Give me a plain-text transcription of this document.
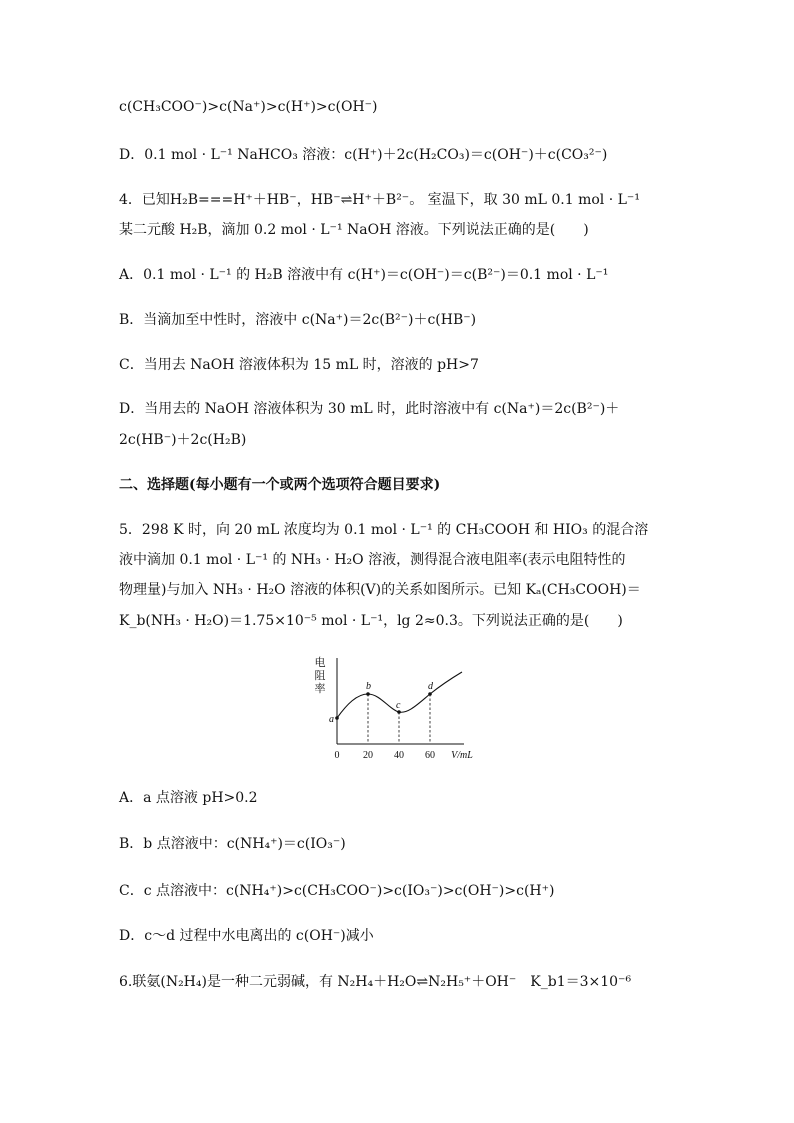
c(CH₃COO⁻)>c(Na⁺)>c(H⁺)>c(OH⁻)
D．0.1 mol · L⁻¹ NaHCO₃ 溶液：c(H⁺)＋2c(H₂CO₃)＝c(OH⁻)＋c(CO₃²⁻)
4．已知H₂B===H⁺＋HB⁻，HB⁻⇌H⁺＋B²⁻。 室温下，取 30 mL 0.1 mol · L⁻¹
某二元酸 H₂B，滴加 0.2 mol · L⁻¹ NaOH 溶液。下列说法正确的是(　　)
A．0.1 mol · L⁻¹ 的 H₂B 溶液中有 c(H⁺)＝c(OH⁻)＝c(B²⁻)＝0.1 mol · L⁻¹
B．当滴加至中性时，溶液中 c(Na⁺)＝2c(B²⁻)＋c(HB⁻)
C．当用去 NaOH 溶液体积为 15 mL 时，溶液的 pH>7
D．当用去的 NaOH 溶液体积为 30 mL 时，此时溶液中有 c(Na⁺)＝2c(B²⁻)＋
2c(HB⁻)＋2c(H₂B)
二、选择题(每小题有一个或两个选项符合题目要求)
5．298 K 时，向 20 mL 浓度均为 0.1 mol · L⁻¹ 的 CH₃COOH 和 HIO₃ 的混合溶
液中滴加 0.1 mol · L⁻¹ 的 NH₃ · H₂O 溶液，测得混合液电阻率(表示电阻特性的
物理量)与加入 NH₃ · H₂O 溶液的体积(V)的关系如图所示。已知 Kₐ(CH₃COOH)＝
K_b(NH₃ · H₂O)＝1.75×10⁻⁵ mol · L⁻¹，lg 2≈0.3。下列说法正确的是(　　)
电
阻
率
0 20 40 60
a
b
c
d
V/mL
A．a 点溶液 pH>0.2
B．b 点溶液中：c(NH₄⁺)＝c(IO₃⁻)
C．c 点溶液中：c(NH₄⁺)>c(CH₃COO⁻)>c(IO₃⁻)>c(OH⁻)>c(H⁺)
D．c～d 过程中水电离出的 c(OH⁻)减小
6.联氨(N₂H₄)是一种二元弱碱，有 N₂H₄＋H₂O⇌N₂H₅⁺＋OH⁻　K_b1＝3×10⁻⁶
